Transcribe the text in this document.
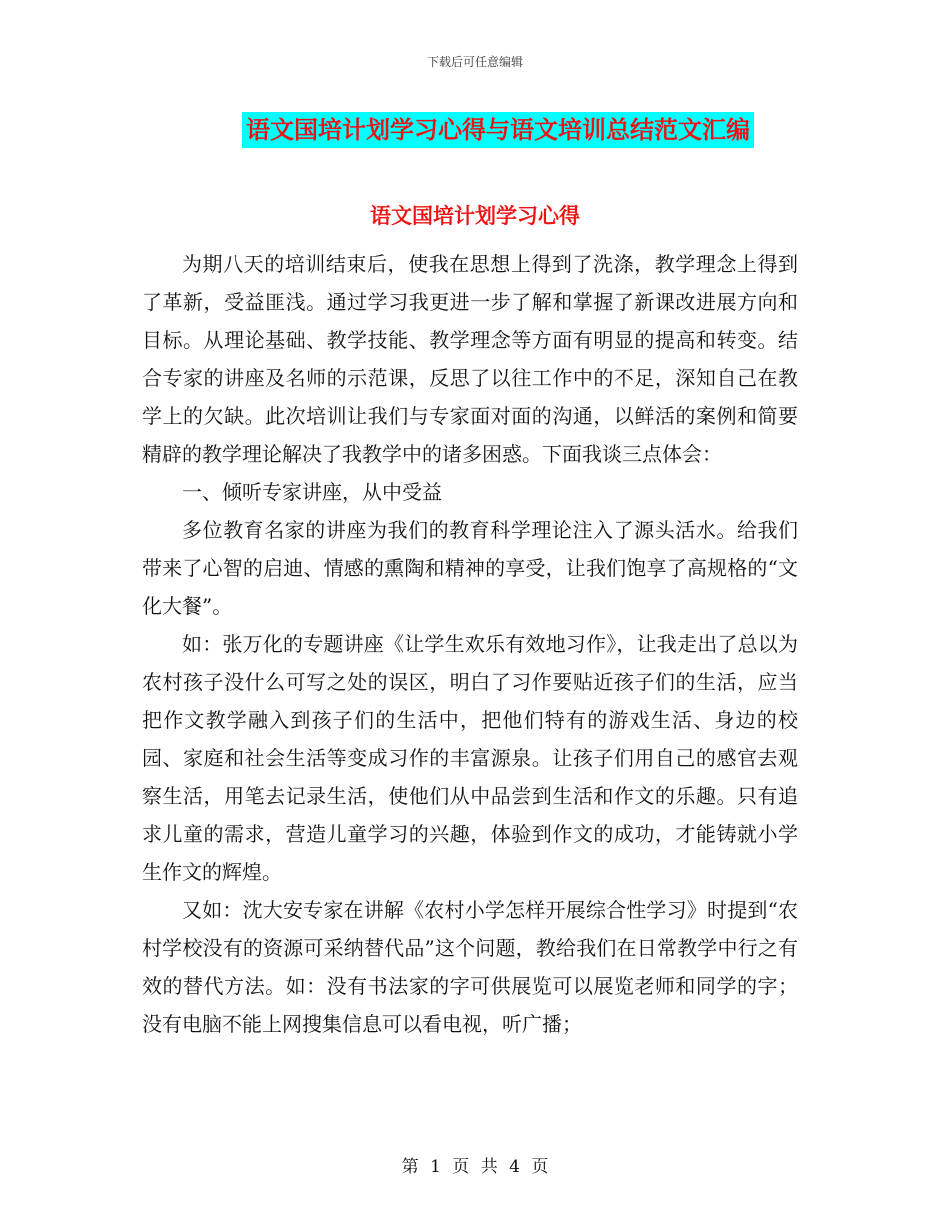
下载后可任意编辑
语文国培计划学习心得与语文培训总结范文汇编
语文国培计划学习心得

为期八天的培训结束后，使我在思想上得到了洗涤，教学理念上得到了革新，受益匪浅。通过学习我更进一步了解和掌握了新课改进展方向和目标。从理论基础、教学技能、教学理念等方面有明显的提高和转变。结合专家的讲座及名师的示范课，反思了以往工作中的不足，深知自己在教学上的欠缺。此次培训让我们与专家面对面的沟通，以鲜活的案例和简要精辟的教学理论解决了我教学中的诸多困惑。下面我谈三点体会：

一、倾听专家讲座，从中受益

多位教育名家的讲座为我们的教育科学理论注入了源头活水。给我们带来了心智的启迪、情感的熏陶和精神的享受，让我们饱享了高规格的“文化大餐”。

如：张万化的专题讲座《让学生欢乐有效地习作》，让我走出了总以为农村孩子没什么可写之处的误区，明白了习作要贴近孩子们的生活，应当把作文教学融入到孩子们的生活中，把他们特有的游戏生活、身边的校园、家庭和社会生活等变成习作的丰富源泉。让孩子们用自己的感官去观察生活，用笔去记录生活，使他们从中品尝到生活和作文的乐趣。只有追求儿童的需求，营造儿童学习的兴趣，体验到作文的成功，才能铸就小学生作文的辉煌。

又如：沈大安专家在讲解《农村小学怎样开展综合性学习》时提到“农村学校没有的资源可采纳替代品”这个问题，教给我们在日常教学中行之有效的替代方法。如：没有书法家的字可供展览可以展览老师和同学的字；没有电脑不能上网搜集信息可以看电视，听广播；

第 1 页 共 4 页
